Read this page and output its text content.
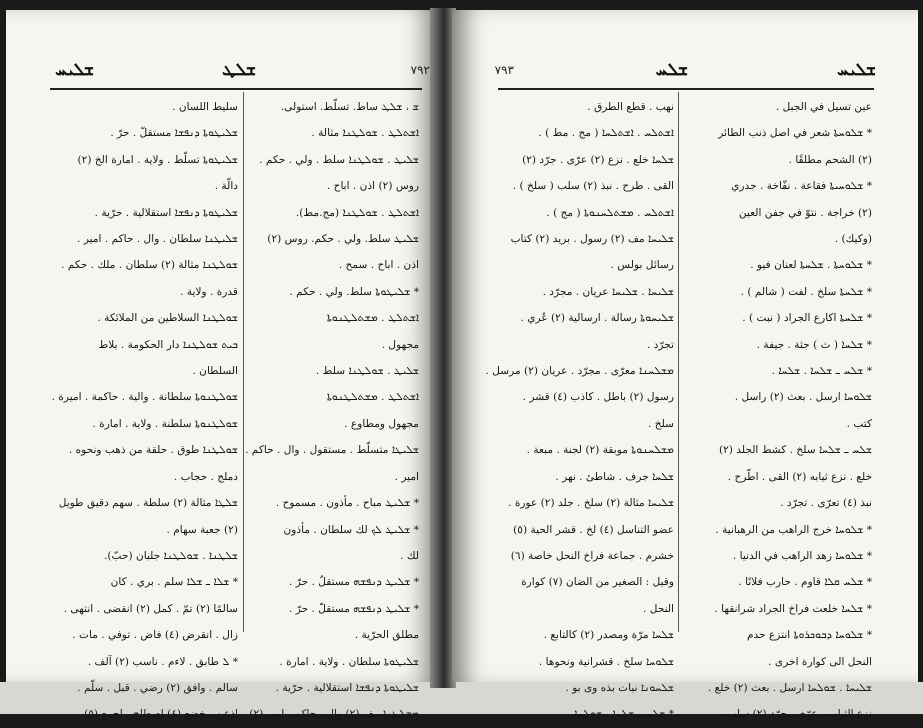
ܫܠܛ
ܫܠܝܚ	٧٩٢
ܫ ، ܫܠܛ ساط. تسلّط. استولى.
ܐܫܬܠܛ . ܫܘܠܛܢܐ مثالة .
ܫܠܝܛ . ܫܘܠܛܢܐ سلط . ولي . حكم .
روس (٢) اذن . اباح .
ܐܫܬܠܛ . ܫܘܠܛܢܐ (مج.مط).
ܫܠܝܛ سلط. ولي . حكم. روس (٢)
اذن . اباح . سمح .
* ܫܠܝܛܘܬܐ سلط. ولي . حكم .
ܐܫܬܠܛ . ܡܫܬܠܛܢܘܬܐ
مجهول .
ܫܠܝܛ . ܫܘܠܛܢܐ سلط .
ܐܫܬܠܛ . ܡܫܬܠܛܢܘܬܐ
مجهول ومطاوع .
ܫܠܝܛܐ متسلّط . مستقول . وال . حاكم .
امير .
* ܫܠܝܛ مباح . مأذون . مسموح .
* ܫܠܝܛ ܠܟ لك سلطان . مأذون
لك .
* ܫܠܝܛ ܕܢܦܫܗ مستقلٌ . حرّ .
* ܫܠܝܛ ܕܢܦܫܗ مستقلّ . حرّ .
مطلق الحرّية .
ܫܠܝܛܘܬܐ سلطان . ولاية . امارة .
ܫܠܝܛܘܬܐ ܕܢܦܫܐ استقلالية . حرّية .
ܡܫܠܛܢܐ مف (٢) وال . حاكم . امير (٢)
سليط اللسان .
ܫܠܝܛܘܬܐ ܕܢܦܫܐ مستقلّ . حرّ .
ܫܠܝܛܘܬܐ تسلّط . ولاية . امارة الخ (٢)
دالّة .
ܫܠܝܛܘܬܐ ܕܢܦܫܐ استقلالية . حرّية .
ܫܠܝܛܢܐ سلطان . وال . حاكم . امير .
ܫܘܠܛܢܐ مثالة (٢) سلطان . ملك . حكم .
قدرة . ولاية .
ܫܘܠܛܢܐ السلاطين من الملائكة .
ܒܝܬ ܫܘܠܛܢܐ دار الحكومة . بلاط
السلطان .
ܫܘܠܛܢܘܬܐ سلطانة . والية . حاكمة . اميرة .
ܫܘܠܛܢܘܬܐ سلطنة . ولاية . امارة .
ܫܘܠܛܢܐ طوق . حلقة من ذهب ونحوه .
دملج . حجاب .
ܫܠܛܐ مثالة (٢) سلطة . سهم دقيق طويل
(٢) جعبة سهام .
ܫܠܛܢܐ . ܫܘܠܛܢܐ جلبان (حبّ).
* ܫܠܐ ـ ܫܠܐ سلم . بري . كان
سالمًا (٢) تمّ . كمل (٢) انقضى . انتهى .
زال . انقرض (٤) فاض . توفي . مات .
* ܠ طابق . لاءم . ناسب (٢) آلف .
سالم . وافق (٢) رضي . قبل . سلّم .
اذعن . خضع (٤) اصطلح . اجمع (٥)
ܫܠܝܚ
ܫܠܚ
٧٩٣
عين تسيل في الجبل .
* ܫܠܘܚܬܐ شعر في اصل ذنب الطائر
(٢) الشحم مطلقًا .
* ܫܠܘܚܝܬܐ فقاعة . نفّاخة . جدري
(٢) خراجة . نتوّ في جفن العين
(وكيك) .
* ܫܠܘܚܬܐ . ܫܠܚܬܐ لعنان فيو .
* ܫܠܚܬܐ سلخ . لفت ( شالم ) .
* ܫܠܚܬܐ اكارع الجراد ( نبت ) .
* ܫܠܚܐ ( ث ) جثة . جيفة .
* ܫܠܚ ـ ܫܠܚܐ . ܫܠܚܐ .
ܫܠܘܚܐ ارسل . بعث (٢) راسل .
كتب .
ܫܠܚ ـ ܫܠܚܐ سلخ . كشط الجلد (٢)
خلع . نزع ثيابه (٢) القى . اطّرح .
نبذ (٤) تعرّى . تجرّد .
* ܫܠܘܚܐ خرج الراهب من الرهبانية .
* ܫܠܘܚܐ زهد الراهب في الدنيا .
* ܫܠܚ ܩܠܐ قاوم . حارب فلانًا .
* ܫܠܚܐ خلعت فراخ الجراد شرانقها .
* ܫܠܘܚܐ ܕܒܘܟܪܘܬܐ انتزع حدم
النحل الى كوارة اخرى .
ܫܠܝܚܐ . ܫܘܠܚܐ ارسل . بعث (٢) خلع .
نزع الثياب . عرّى . جرّد (٢) سلب .
نهب . قطع الطرق .
ܐܫܬܠܚ . ܐܫܬܠܚܐ ( مج . مط ) .
ܫܠܚܐ خلع . نزع (٢) عرّى . جرّد (٢)
القى . طرح . نبذ (٢) سلب ( سلخ ) .
ܐܫܬܠܚ . ܡܫܬܠܚܢܘܬܐ ( مج ) .
ܫܠܝܚܐ مف (٢) رسول . بريد (٢) كتاب
رسائل بولس .
ܫܠܝܚܐ . ܫܠܝܚܐ عريان . مجرّد .
ܫܠܝܚܘܬܐ رسالة . ارسالية (٢) عُري .
تجرّد .
ܡܫܠܚܢܐ معرّى . مجرّد . عريان (٢) مرسل .
رسول (٢) باطل . كاذب (٤) قشر .
سلخ .
ܡܫܠܚܢܘܬܐ موبقة (٢) لجنة . مبعة .
ܫܠܚܐ جرف . شاطئ . نهر .
ܫܠܝܚܐ مثالة (٢) سلخ . جلد (٢) عورة .
عضو التناسل (٤) لخ . قشر الحية (٥)
خشرم . جماعة فراخ النحل خاصة (٦)
وقيل : الصغير من الضان (٧) كوارة
النحل .
ܫܠܚܐ مرّة ومصدر (٢) كالتابع .
ܫܠܘܚܐ سلخ . قشرانية ونحوها .
ܫܠܚܘܢܐ نبات بذه وى بو .
* ܫܠܚ ـ ܫܠܚܐ . ܫܘܠܚܐ .
